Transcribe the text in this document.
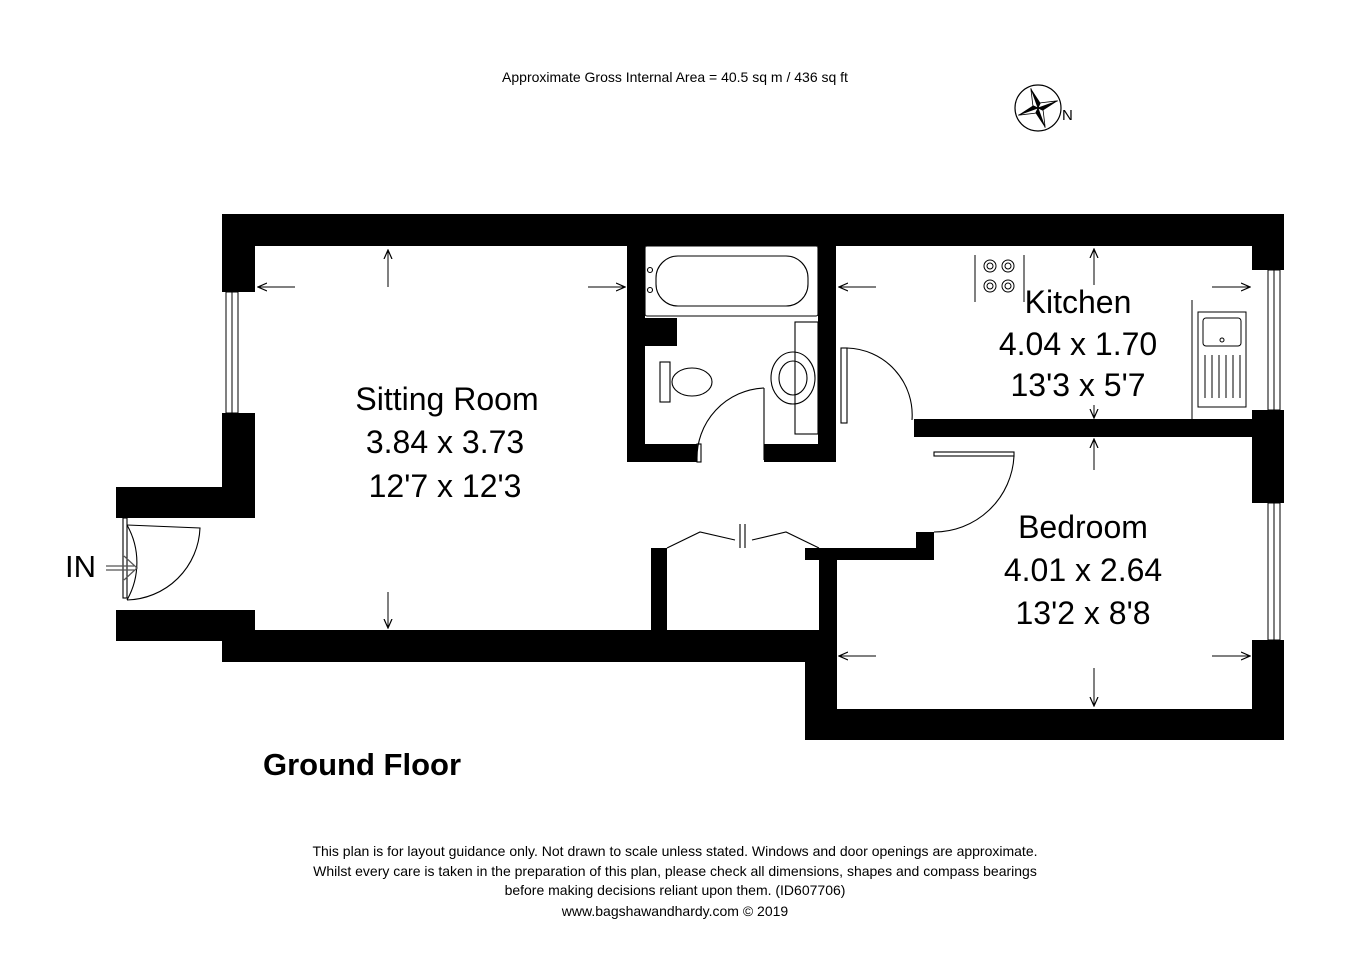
Approximate Gross Internal Area = 40.5 sq m / 436 sq ft
N
Sitting Room
3.84 x 3.73
12'7 x 12'3
Kitchen
4.04 x 1.70
13'3 x 5'7
Bedroom
4.01 x 2.64
13'2 x 8'8
IN
Ground Floor
This plan is for layout guidance only. Not drawn to scale unless stated. Windows and door openings are approximate.
Whilst every care is taken in the preparation of this plan, please check all dimensions, shapes and compass bearings
before making decisions reliant upon them. (ID607706)
www.bagshawandhardy.com © 2019
